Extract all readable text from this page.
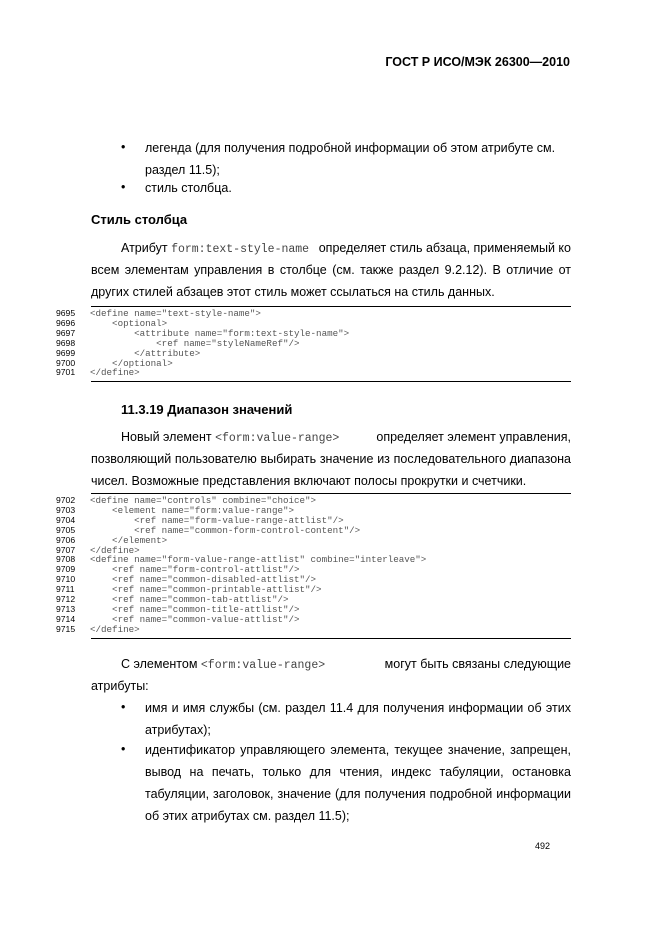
ГОСТ Р ИСО/МЭК 26300—2010
• легенда (для получения подробной информации об этом атрибуте см.
раздел 11.5);
• стиль столбца.
Стиль столбца
Атрибут form:text-style-name определяет стиль абзаца, применяемый ко
всем элементам управления в столбце (см. также раздел 9.2.12). В отличие от
других стилей абзацев этот стиль может ссылаться на стиль данных.
9695	<define name="text-style-name">
9696	<optional>
9697	<attribute name="form:text-style-name">
9698	<ref name="styleNameRef"/>
9699	</attribute>
9700	</optional>
9701	</define>
11.3.19 Диапазон значений
Новый элемент <form:value-range>	определяет элемент управления,
позволяющий пользователю выбирать значение из последовательного диапазона
чисел. Возможные представления включают полосы прокрутки и счетчики.
9702	<define name="controls" combine="choice">
9703	<element name="form:value-range">
9704	<ref name="form-value-range-attlist"/>
9705	<ref name="common-form-control-content"/>
9706	</element>
9707	</define>
9708	<define name="form-value-range-attlist" combine="interleave">
9709	<ref name="form-control-attlist"/>
9710	<ref name="common-disabled-attlist"/>
9711	<ref name="common-printable-attlist"/>
9712	<ref name="common-tab-attlist"/>
9713	<ref name="common-title-attlist"/>
9714	<ref name="common-value-attlist"/>
9715	</define>
С элементом <form:value-range>	могут быть связаны следующие
атрибуты:
• имя и имя службы (см. раздел 11.4 для получения информации об этих
атрибутах);
• идентификатор управляющего элемента, текущее значение, запрещен,
вывод на печать, только для чтения, индекс табуляции, остановка
табуляции, заголовок, значение (для получения подробной информации
об этих атрибутах см. раздел 11.5);
492
